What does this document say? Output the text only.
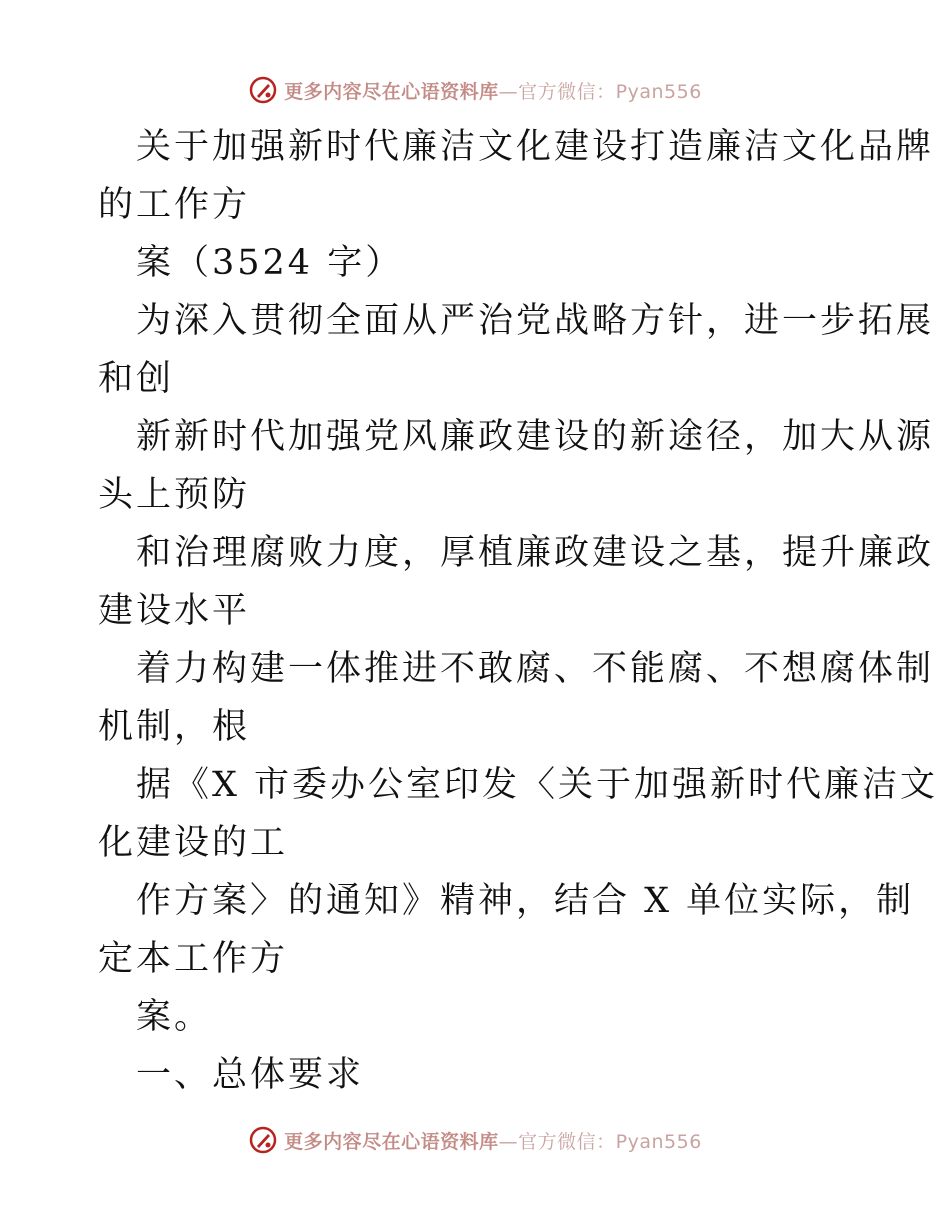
更多内容尽在心语资料库—官方微信：Pyan556
关于加强新时代廉洁文化建设打造廉洁文化品牌
的工作方
案（3524 字）
为深入贯彻全面从严治党战略方针，进一步拓展
和创
新新时代加强党风廉政建设的新途径，加大从源
头上预防
和治理腐败力度，厚植廉政建设之基，提升廉政
建设水平
着力构建一体推进不敢腐、不能腐、不想腐体制
机制，根
据《X 市委办公室印发〈关于加强新时代廉洁文
化建设的工
作方案〉的通知》精神，结合 X 单位实际，制
定本工作方
案。
一、总体要求
更多内容尽在心语资料库—官方微信：Pyan556
